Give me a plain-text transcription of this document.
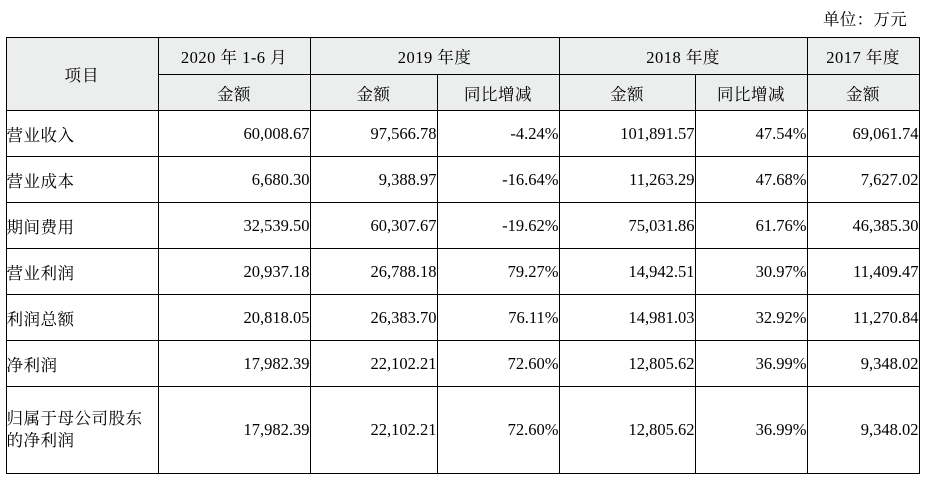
单位：万元
项目	2020 年 1-6 月	2019 年度		2018 年度		2017 年度
	金额	金额	同比增减	金额	同比增减	金额
营业收入	60,008.67	97,566.78	-4.24%	101,891.57	47.54%	69,061.74
营业成本	6,680.30	9,388.97	-16.64%	11,263.29	47.68%	7,627.02
期间费用	32,539.50	60,307.67	-19.62%	75,031.86	61.76%	46,385.30
营业利润	20,937.18	26,788.18	79.27%	14,942.51	30.97%	11,409.47
利润总额	20,818.05	26,383.70	76.11%	14,981.03	32.92%	11,270.84
净利润	17,982.39	22,102.21	72.60%	12,805.62	36.99%	9,348.02
归属于母公司股东的净利润	17,982.39	22,102.21	72.60%	12,805.62	36.99%	9,348.02
